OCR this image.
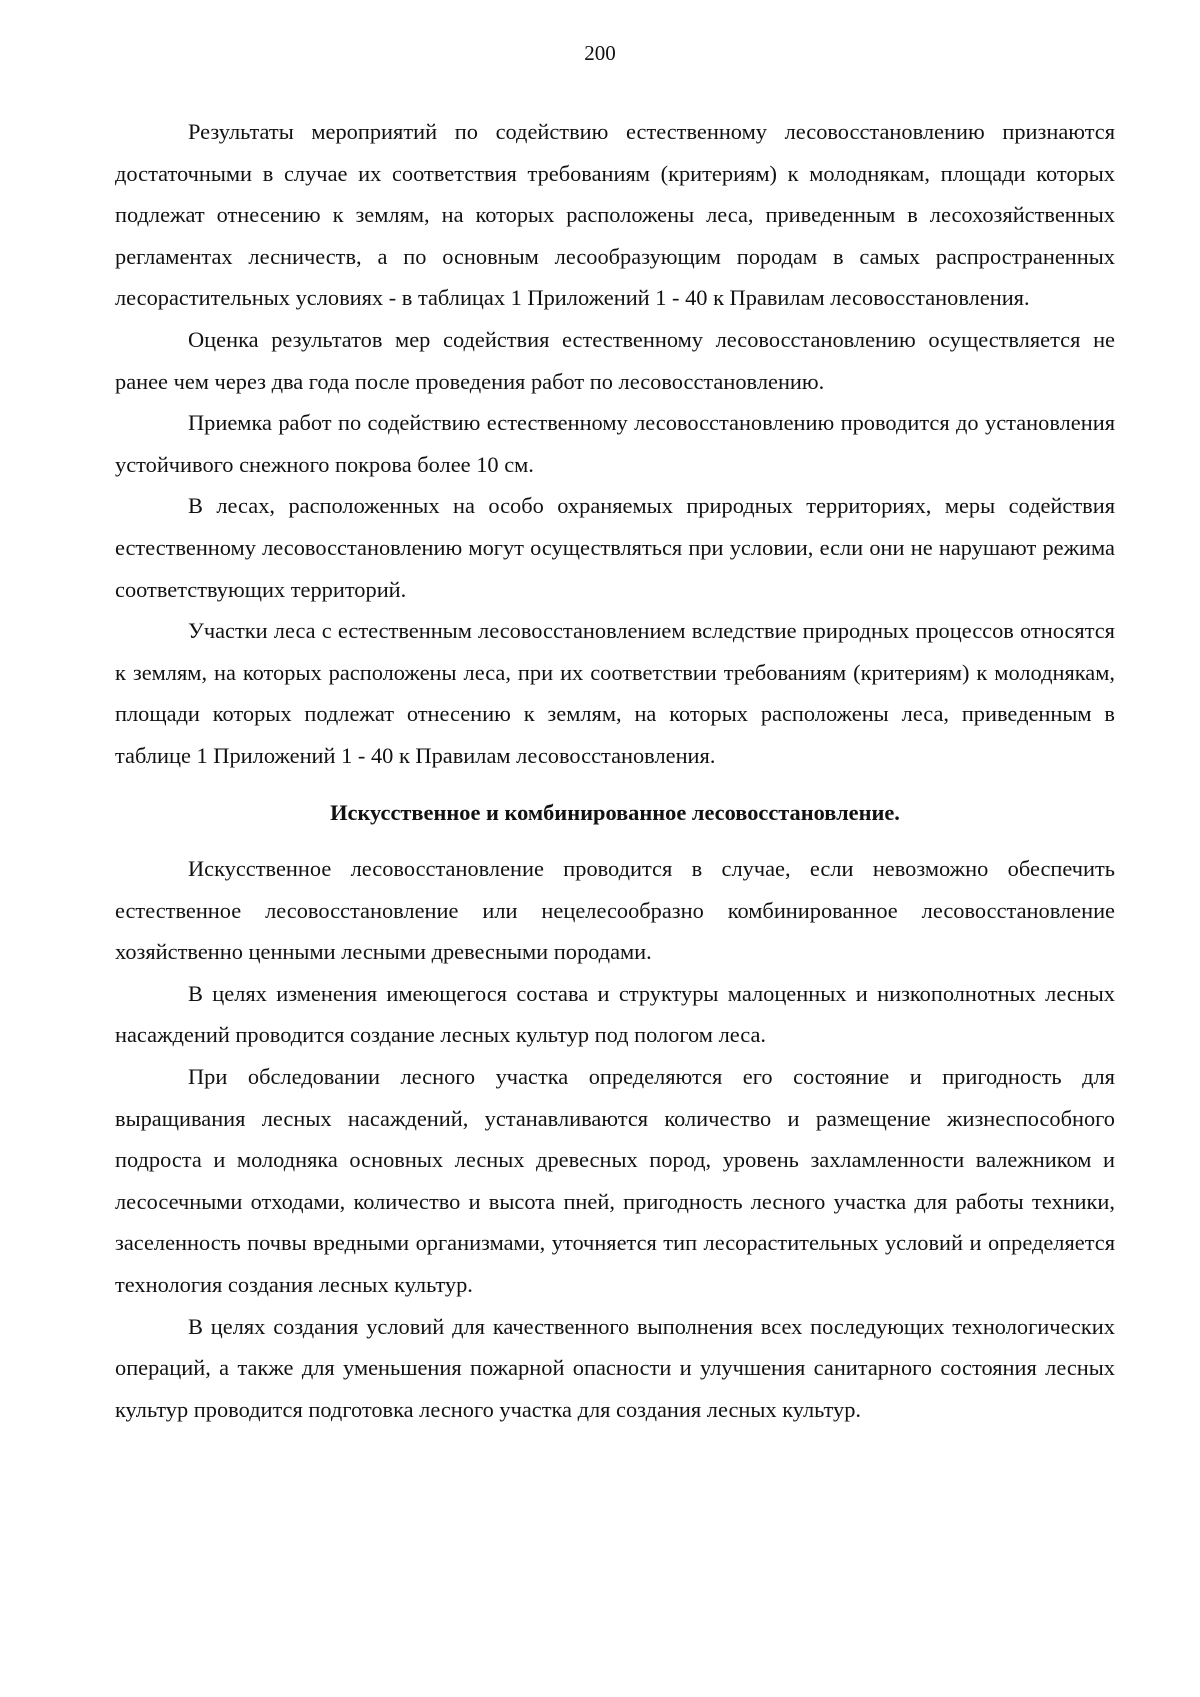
200

Результаты мероприятий по содействию естественному лесовосстановлению признаются достаточными в случае их соответствия требованиям (критериям) к молоднякам, площади которых подлежат отнесению к землям, на которых расположены леса, приведенным в лесохозяйственных регламентах лесничеств, а по основным лесообразующим породам в самых распространенных лесорастительных условиях - в таблицах 1 Приложений 1 - 40 к Правилам лесовосстановления.

Оценка результатов мер содействия естественному лесовосстановлению осуществляется не ранее чем через два года после проведения работ по лесовосстановлению.

Приемка работ по содействию естественному лесовосстановлению проводится до установления устойчивого снежного покрова более 10 см.

В лесах, расположенных на особо охраняемых природных территориях, меры содействия естественному лесовосстановлению могут осуществляться при условии, если они не нарушают режима соответствующих территорий.

Участки леса с естественным лесовосстановлением вследствие природных процессов относятся к землям, на которых расположены леса, при их соответствии требованиям (критериям) к молоднякам, площади которых подлежат отнесению к землям, на которых расположены леса, приведенным в таблице 1 Приложений 1 - 40 к Правилам лесовосстановления.

Искусственное и комбинированное лесовосстановление.

Искусственное лесовосстановление проводится в случае, если невозможно обеспечить естественное лесовосстановление или нецелесообразно комбинированное лесовосстановление хозяйственно ценными лесными древесными породами.

В целях изменения имеющегося состава и структуры малоценных и низкополнотных лесных насаждений проводится создание лесных культур под пологом леса.

При обследовании лесного участка определяются его состояние и пригодность для выращивания лесных насаждений, устанавливаются количество и размещение жизнеспособного подроста и молодняка основных лесных древесных пород, уровень захламленности валежником и лесосечными отходами, количество и высота пней, пригодность лесного участка для работы техники, заселенность почвы вредными организмами, уточняется тип лесорастительных условий и определяется технология создания лесных культур.

В целях создания условий для качественного выполнения всех последующих технологических операций, а также для уменьшения пожарной опасности и улучшения санитарного состояния лесных культур проводится подготовка лесного участка для создания лесных культур.
